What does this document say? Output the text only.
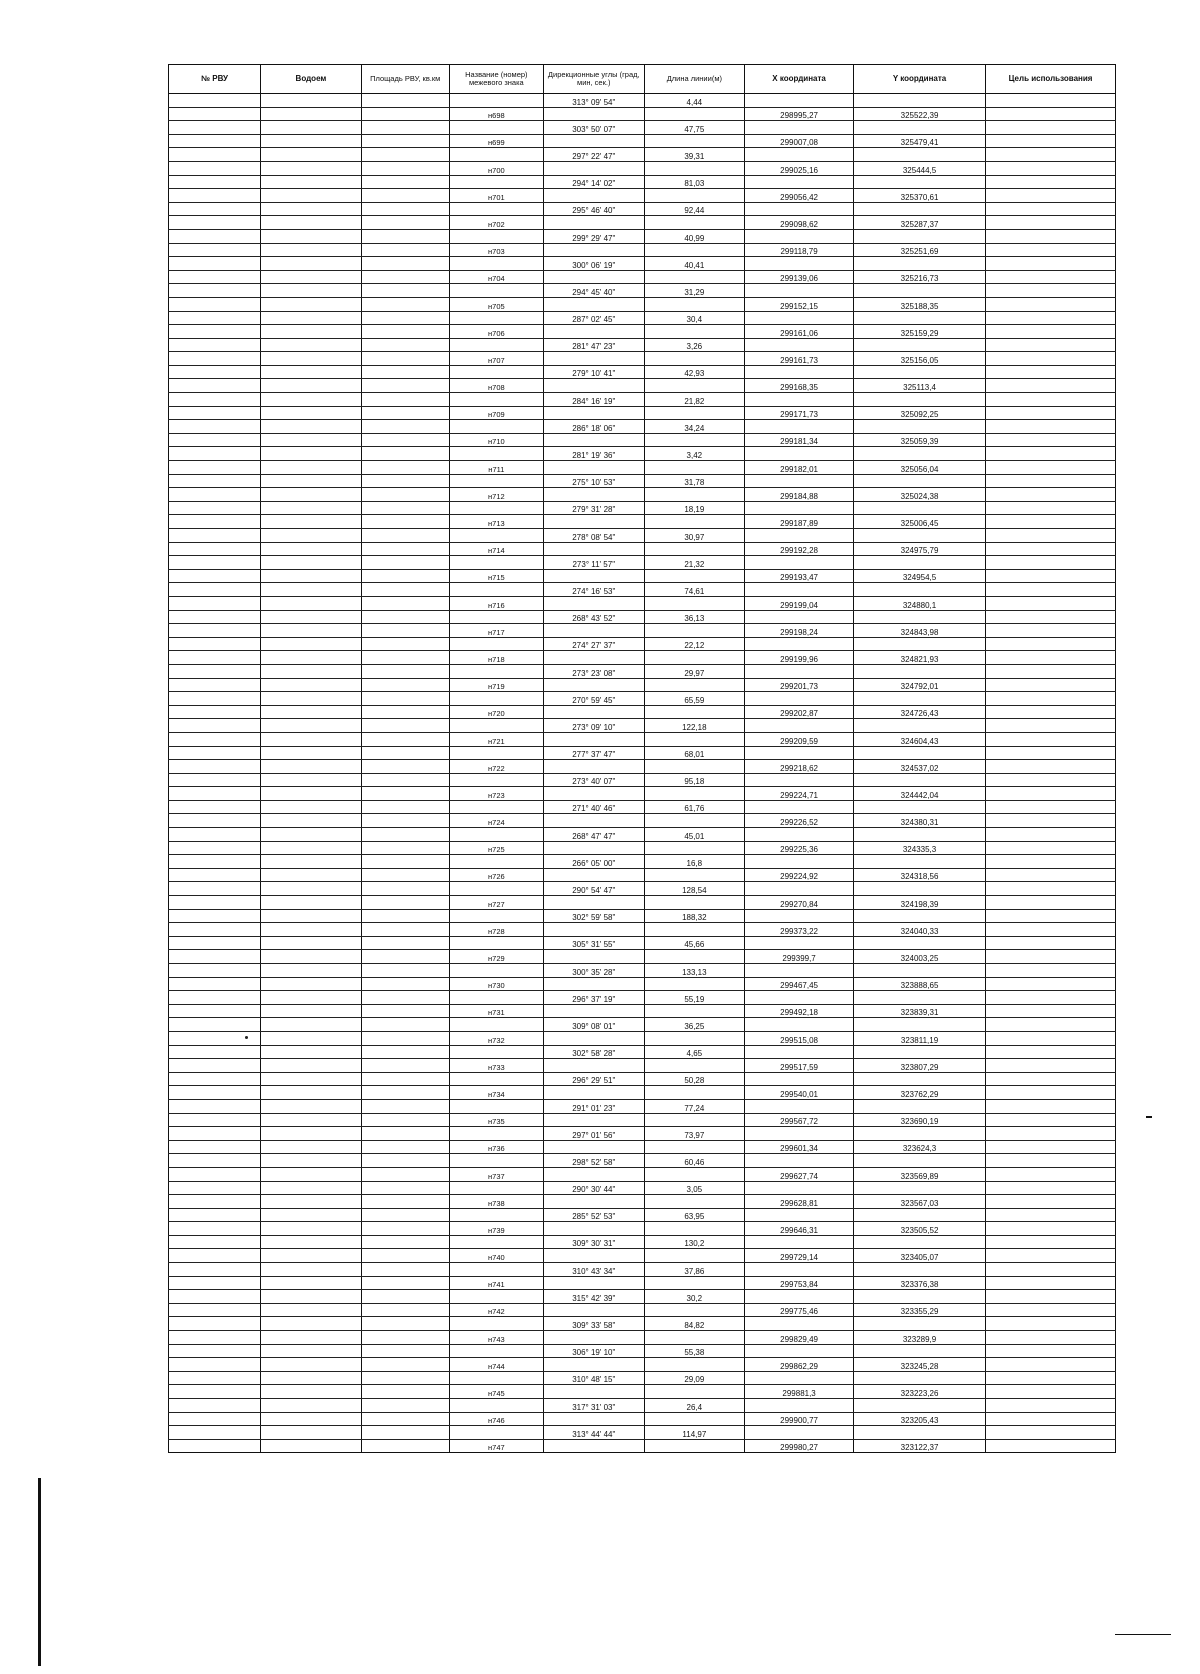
№ РВУ	Водоем	Площадь РВУ, кв.км	Название (номер) межевого знака	Дирекционные углы (град, мин, сек.)	Длина линии(м)	X координата	Y координата	Цель использования
				313° 09' 54"	4,44			
			н698			298995,27	325522,39	
				303° 50' 07"	47,75			
			н699			299007,08	325479,41	
				297° 22' 47"	39,31			
			н700			299025,16	325444,5	
				294° 14' 02"	81,03			
			н701			299056,42	325370,61	
				295° 46' 40"	92,44			
			н702			299098,62	325287,37	
				299° 29' 47"	40,99			
			н703			299118,79	325251,69	
				300° 06' 19"	40,41			
			н704			299139,06	325216,73	
				294° 45' 40"	31,29			
			н705			299152,15	325188,35	
				287° 02' 45"	30,4			
			н706			299161,06	325159,29	
				281° 47' 23"	3,26			
			н707			299161,73	325156,05	
				279° 10' 41"	42,93			
			н708			299168,35	325113,4	
				284° 16' 19"	21,82			
			н709			299171,73	325092,25	
				286° 18' 06"	34,24			
			н710			299181,34	325059,39	
				281° 19' 36"	3,42			
			н711			299182,01	325056,04	
				275° 10' 53"	31,78			
			н712			299184,88	325024,38	
				279° 31' 28"	18,19			
			н713			299187,89	325006,45	
				278° 08' 54"	30,97			
			н714			299192,28	324975,79	
				273° 11' 57"	21,32			
			н715			299193,47	324954,5	
				274° 16' 53"	74,61			
			н716			299199,04	324880,1	
				268° 43' 52"	36,13			
			н717			299198,24	324843,98	
				274° 27' 37"	22,12			
			н718			299199,96	324821,93	
				273° 23' 08"	29,97			
			н719			299201,73	324792,01	
				270° 59' 45"	65,59			
			н720			299202,87	324726,43	
				273° 09' 10"	122,18			
			н721			299209,59	324604,43	
				277° 37' 47"	68,01			
			н722			299218,62	324537,02	
				273° 40' 07"	95,18			
			н723			299224,71	324442,04	
				271° 40' 46"	61,76			
			н724			299226,52	324380,31	
				268° 47' 47"	45,01			
			н725			299225,36	324335,3	
				266° 05' 00"	16,8			
			н726			299224,92	324318,56	
				290° 54' 47"	128,54			
			н727			299270,84	324198,39	
				302° 59' 58"	188,32			
			н728			299373,22	324040,33	
				305° 31' 55"	45,66			
			н729			299399,7	324003,25	
				300° 35' 28"	133,13			
			н730			299467,45	323888,65	
				296° 37' 19"	55,19			
			н731			299492,18	323839,31	
				309° 08' 01"	36,25			
			н732			299515,08	323811,19	
				302° 58' 28"	4,65			
			н733			299517,59	323807,29	
				296° 29' 51"	50,28			
			н734			299540,01	323762,29	
				291° 01' 23"	77,24			
			н735			299567,72	323690,19	
				297° 01' 56"	73,97			
			н736			299601,34	323624,3	
				298° 52' 58"	60,46			
			н737			299627,74	323569,89	
				290° 30' 44"	3,05			
			н738			299628,81	323567,03	
				285° 52' 53"	63,95			
			н739			299646,31	323505,52	
				309° 30' 31"	130,2			
			н740			299729,14	323405,07	
				310° 43' 34"	37,86			
			н741			299753,84	323376,38	
				315° 42' 39"	30,2			
			н742			299775,46	323355,29	
				309° 33' 58"	84,82			
			н743			299829,49	323289,9	
				306° 19' 10"	55,38			
			н744			299862,29	323245,28	
				310° 48' 15"	29,09			
			н745			299881,3	323223,26	
				317° 31' 03"	26,4			
			н746			299900,77	323205,43	
				313° 44' 44"	114,97			
			н747			299980,27	323122,37	
